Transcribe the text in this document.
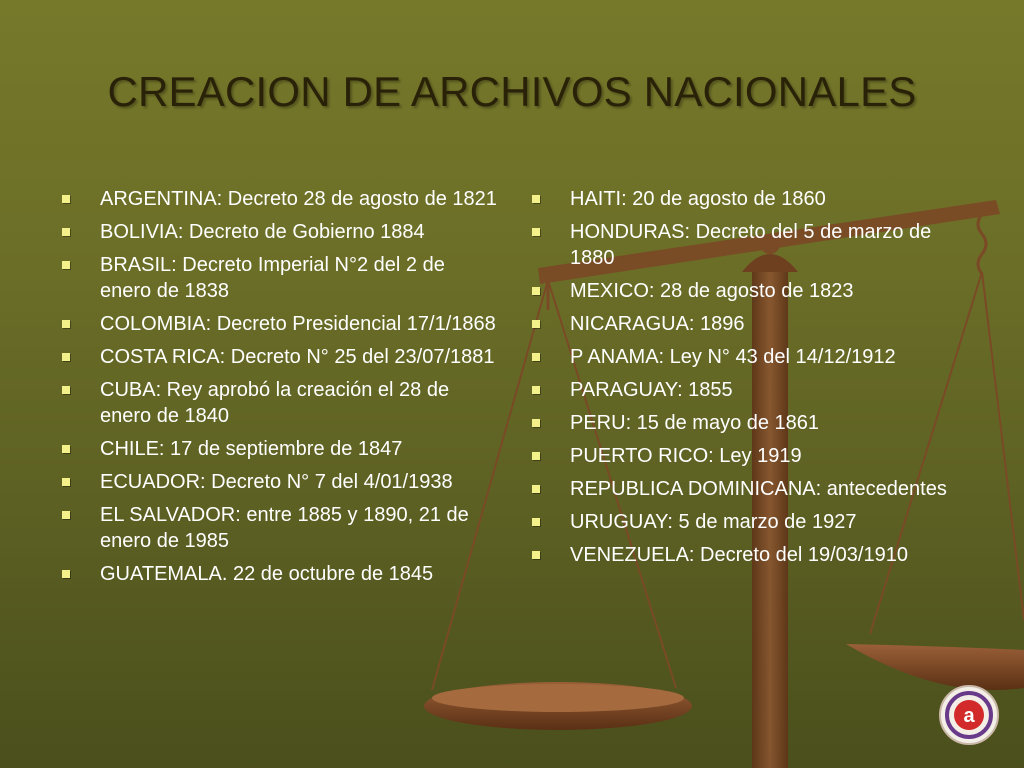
CREACION DE ARCHIVOS NACIONALES
ARGENTINA: Decreto 28 de agosto de 1821
BOLIVIA: Decreto de Gobierno 1884
BRASIL: Decreto Imperial N°2 del 2 de enero de 1838
COLOMBIA: Decreto Presidencial 17/1/1868
COSTA RICA: Decreto N° 25 del 23/07/1881
CUBA: Rey aprobó la creación el 28 de enero de 1840
CHILE: 17 de septiembre de 1847
ECUADOR: Decreto N° 7 del 4/01/1938
EL SALVADOR: entre 1885 y 1890, 21 de enero de 1985
GUATEMALA. 22 de octubre de 1845
HAITI: 20 de agosto de 1860
HONDURAS: Decreto del 5 de marzo de 1880
MEXICO: 28 de agosto de 1823
NICARAGUA: 1896
P ANAMA: Ley N° 43 del 14/12/1912
PARAGUAY: 1855
PERU: 15 de mayo de 1861
PUERTO RICO: Ley 1919
REPUBLICA DOMINICANA: antecedentes
URUGUAY: 5 de marzo de 1927
VENEZUELA: Decreto del 19/03/1910
a
